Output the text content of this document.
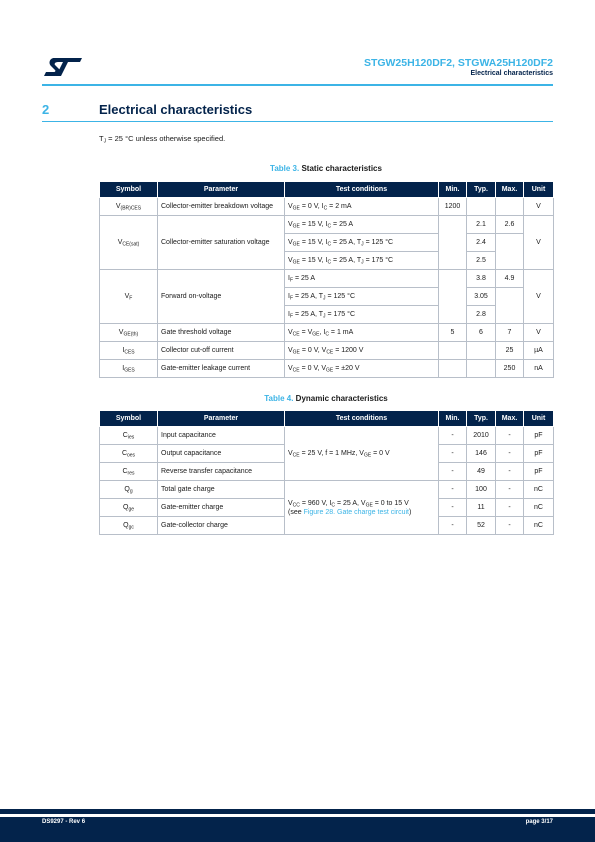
STGW25H120DF2, STGWA25H120DF2
Electrical characteristics
2	Electrical characteristics
$T_J = 25$ °C unless otherwise specified.
Table 3. Static characteristics
Symbol	Parameter	Test conditions	Min.	Typ.	Max.	Unit
$V_{(BR)CES}$	Collector-emitter breakdown voltage	$V_{GE} = 0$ V, $I_C = 2$ mA	1200			V
$V_{CE(sat)}$	Collector-emitter saturation voltage	$V_{GE} = 15$ V, $I_C = 25$ A		2.1	2.6	V
		$V_{GE} = 15$ V, $I_C = 25$ A, $T_J = 125$ °C		2.4		
		$V_{GE} = 15$ V, $I_C = 25$ A, $T_J = 175$ °C		2.5		
$V_F$	Forward on-voltage	$I_F = 25$ A		3.8	4.9	V
		$I_F = 25$ A, $T_J = 125$ °C		3.05		
		$I_F = 25$ A, $T_J = 175$ °C		2.8		
$V_{GE(th)}$	Gate threshold voltage	$V_{CE} = V_{GE}$, $I_C = 1$ mA	5	6	7	V
$I_{CES}$	Collector cut-off current	$V_{GE} = 0$ V, $V_{CE} = 1200$ V			25	µA
$I_{GES}$	Gate-emitter leakage current	$V_{CE} = 0$ V, $V_{GE} = \pm 20$ V			250	nA
Table 4. Dynamic characteristics
Symbol	Parameter	Test conditions	Min.	Typ.	Max.	Unit
$C_{ies}$	Input capacitance	$V_{CE} = 25$ V, f = 1 MHz, $V_{GE} = 0$ V	-	2010	-	pF
$C_{oes}$	Output capacitance		-	146	-	pF
$C_{res}$	Reverse transfer capacitance		-	49	-	pF
$Q_g$	Total gate charge	$V_{CC} = 960$ V, $I_C = 25$ A, $V_{GE} = 0$ to 15 V
(see Figure 28. Gate charge test circuit)	-	100	-	nC
$Q_{ge}$	Gate-emitter charge		-	11	-	nC
$Q_{gc}$	Gate-collector charge		-	52	-	nC
DS9297 - Rev 6	page 3/17
